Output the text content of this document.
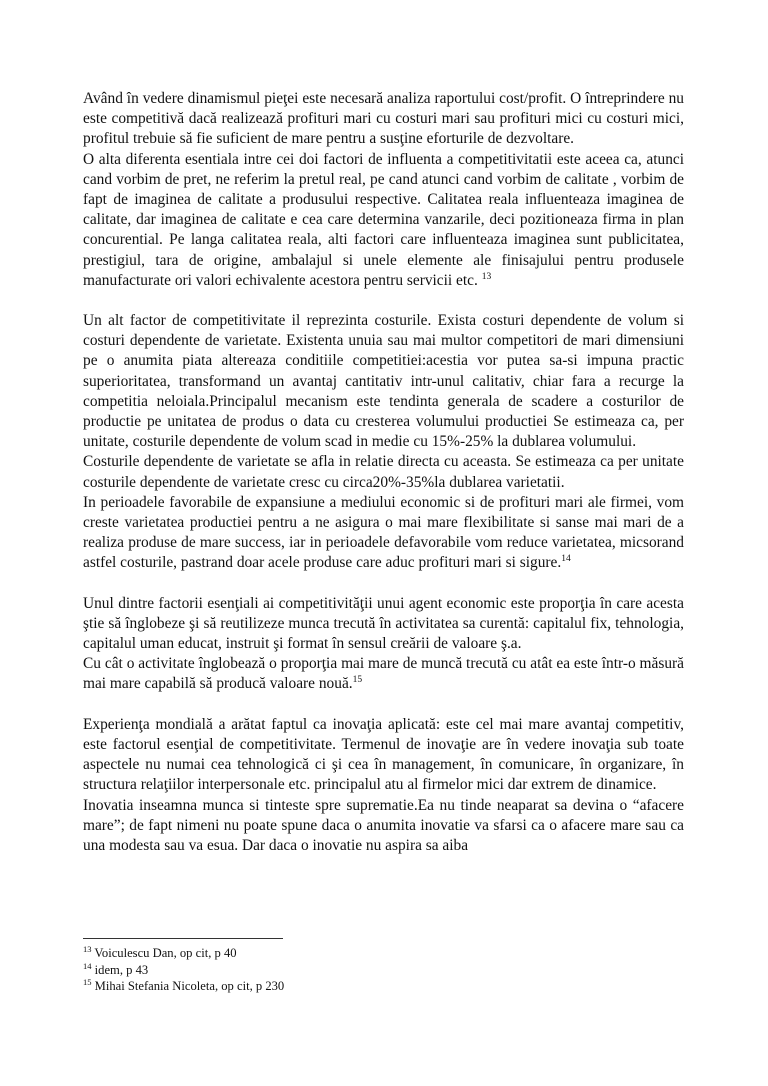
Având în vedere dinamismul pieţei este necesară analiza raportului cost/profit. O întreprindere nu este competitivă dacă realizează profituri mari cu costuri mari sau profituri mici cu costuri mici, profitul trebuie să fie suficient de mare pentru a susţine eforturile de dezvoltare.

O alta diferenta esentiala intre cei doi factori de influenta a competitivitatii este aceea ca, atunci cand vorbim de pret, ne referim la pretul real, pe cand atunci cand vorbim de calitate , vorbim de fapt de imaginea de calitate a produsului respective. Calitatea reala influenteaza imaginea de calitate, dar imaginea de calitate e cea care determina vanzarile, deci pozitioneaza firma in plan concurential. Pe langa calitatea reala, alti factori care influenteaza imaginea sunt publicitatea, prestigiul, tara de origine, ambalajul si unele elemente ale finisajului pentru produsele manufacturate ori valori echivalente acestora pentru servicii etc. $^{13}$

Un alt factor de competitivitate il reprezinta costurile. Exista costuri dependente de volum si costuri dependente de varietate. Existenta unuia sau mai multor competitori de mari dimensiuni pe o anumita piata altereaza conditiile competitiei:acestia vor putea sa-si impuna practic superioritatea, transformand un avantaj cantitativ intr-unul calitativ, chiar fara a recurge la competitia neloiala.Principalul mecanism este tendinta generala de scadere a costurilor de productie pe unitatea de produs o data cu cresterea volumului productiei Se estimeaza ca, per unitate, costurile dependente de volum scad in medie cu 15%-25% la dublarea volumului.

Costurile dependente de varietate se afla in relatie directa cu aceasta. Se estimeaza ca per unitate costurile dependente de varietate cresc cu circa20%-35%la dublarea varietatii.

In perioadele favorabile de expansiune a mediului economic si de profituri mari ale firmei, vom creste varietatea productiei pentru a ne asigura o mai mare flexibilitate si sanse mai mari de a realiza produse de mare success, iar in perioadele defavorabile vom reduce varietatea, micsorand astfel costurile, pastrand doar acele produse care aduc profituri mari si sigure.$^{14}$

Unul dintre factorii esenţiali ai competitivităţii unui agent economic este proporţia în care acesta ştie să înglobeze şi să reutilizeze munca trecută în activitatea sa curentă: capitalul fix, tehnologia, capitalul uman educat, instruit şi format în sensul creării de valoare ş.a.

Cu cât o activitate înglobează o proporţia mai mare de muncă trecută cu atât ea este într-o măsură mai mare capabilă să producă valoare nouă.$^{15}$

Experienţa mondială a arătat faptul ca inovaţia aplicată: este cel mai mare avantaj competitiv, este factorul esenţial de competitivitate. Termenul de inovaţie are în vedere inovaţia sub toate aspectele nu numai cea tehnologică ci şi cea în management, în comunicare, în organizare, în structura relaţiilor interpersonale etc. principalul atu al firmelor mici dar extrem de dinamice.

Inovatia inseamna munca si tinteste spre suprematie.Ea nu tinde neaparat sa devina o “afacere mare”; de fapt nimeni nu poate spune daca o anumita inovatie va sfarsi ca o afacere mare sau ca una modesta sau va esua. Dar daca o inovatie nu aspira sa aiba

$^{13}$ Voiculescu Dan, op cit, p 40
$^{14}$ idem, p 43
$^{15}$ Mihai Stefania Nicoleta, op cit, p 230
